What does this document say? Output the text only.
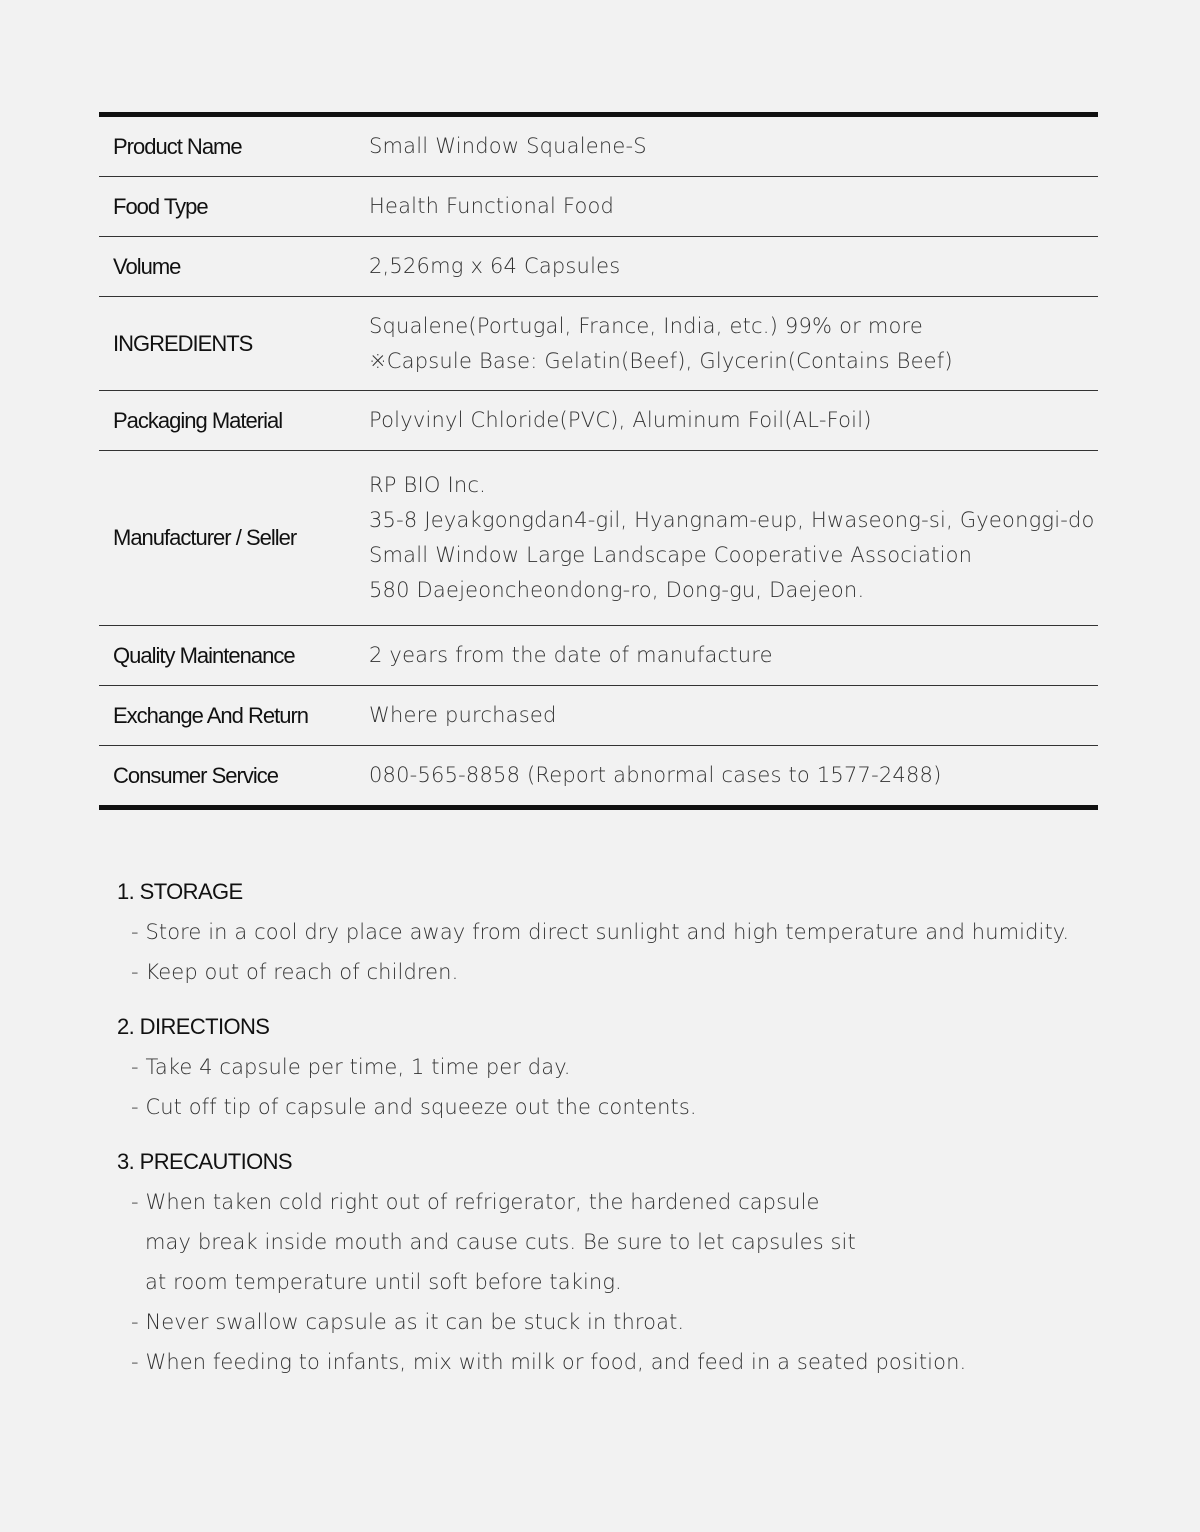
Product Name	Small Window Squalene-S

Food Type	Health Functional Food

Volume	2,526mg x 64 Capsules

INGREDIENTS	Squalene(Portugal, France, India, etc.) 99% or more
※Capsule Base: Gelatin(Beef), Glycerin(Contains Beef)

Packaging Material	Polyvinyl Chloride(PVC), Aluminum Foil(AL-Foil)

Manufacturer / Seller	RP BIO Inc.
35-8 Jeyakgongdan4-gil, Hyangnam-eup, Hwaseong-si, Gyeonggi-do
Small Window Large Landscape Cooperative Association
580 Daejeoncheondong-ro, Dong-gu, Daejeon.

Quality Maintenance	2 years from the date of manufacture

Exchange And Return	Where purchased

Consumer Service	080-565-8858 (Report abnormal cases to 1577-2488)

1. STORAGE

- Store in a cool dry place away from direct sunlight and high temperature and humidity.

- Keep out of reach of children.

2. DIRECTIONS

- Take 4 capsule per time, 1 time per day.

- Cut off tip of capsule and squeeze out the contents.

3. PRECAUTIONS

- When taken cold right out of refrigerator, the hardened capsule

may break inside mouth and cause cuts. Be sure to let capsules sit

at room temperature until soft before taking.

- Never swallow capsule as it can be stuck in throat.

- When feeding to infants, mix with milk or food, and feed in a seated position.
